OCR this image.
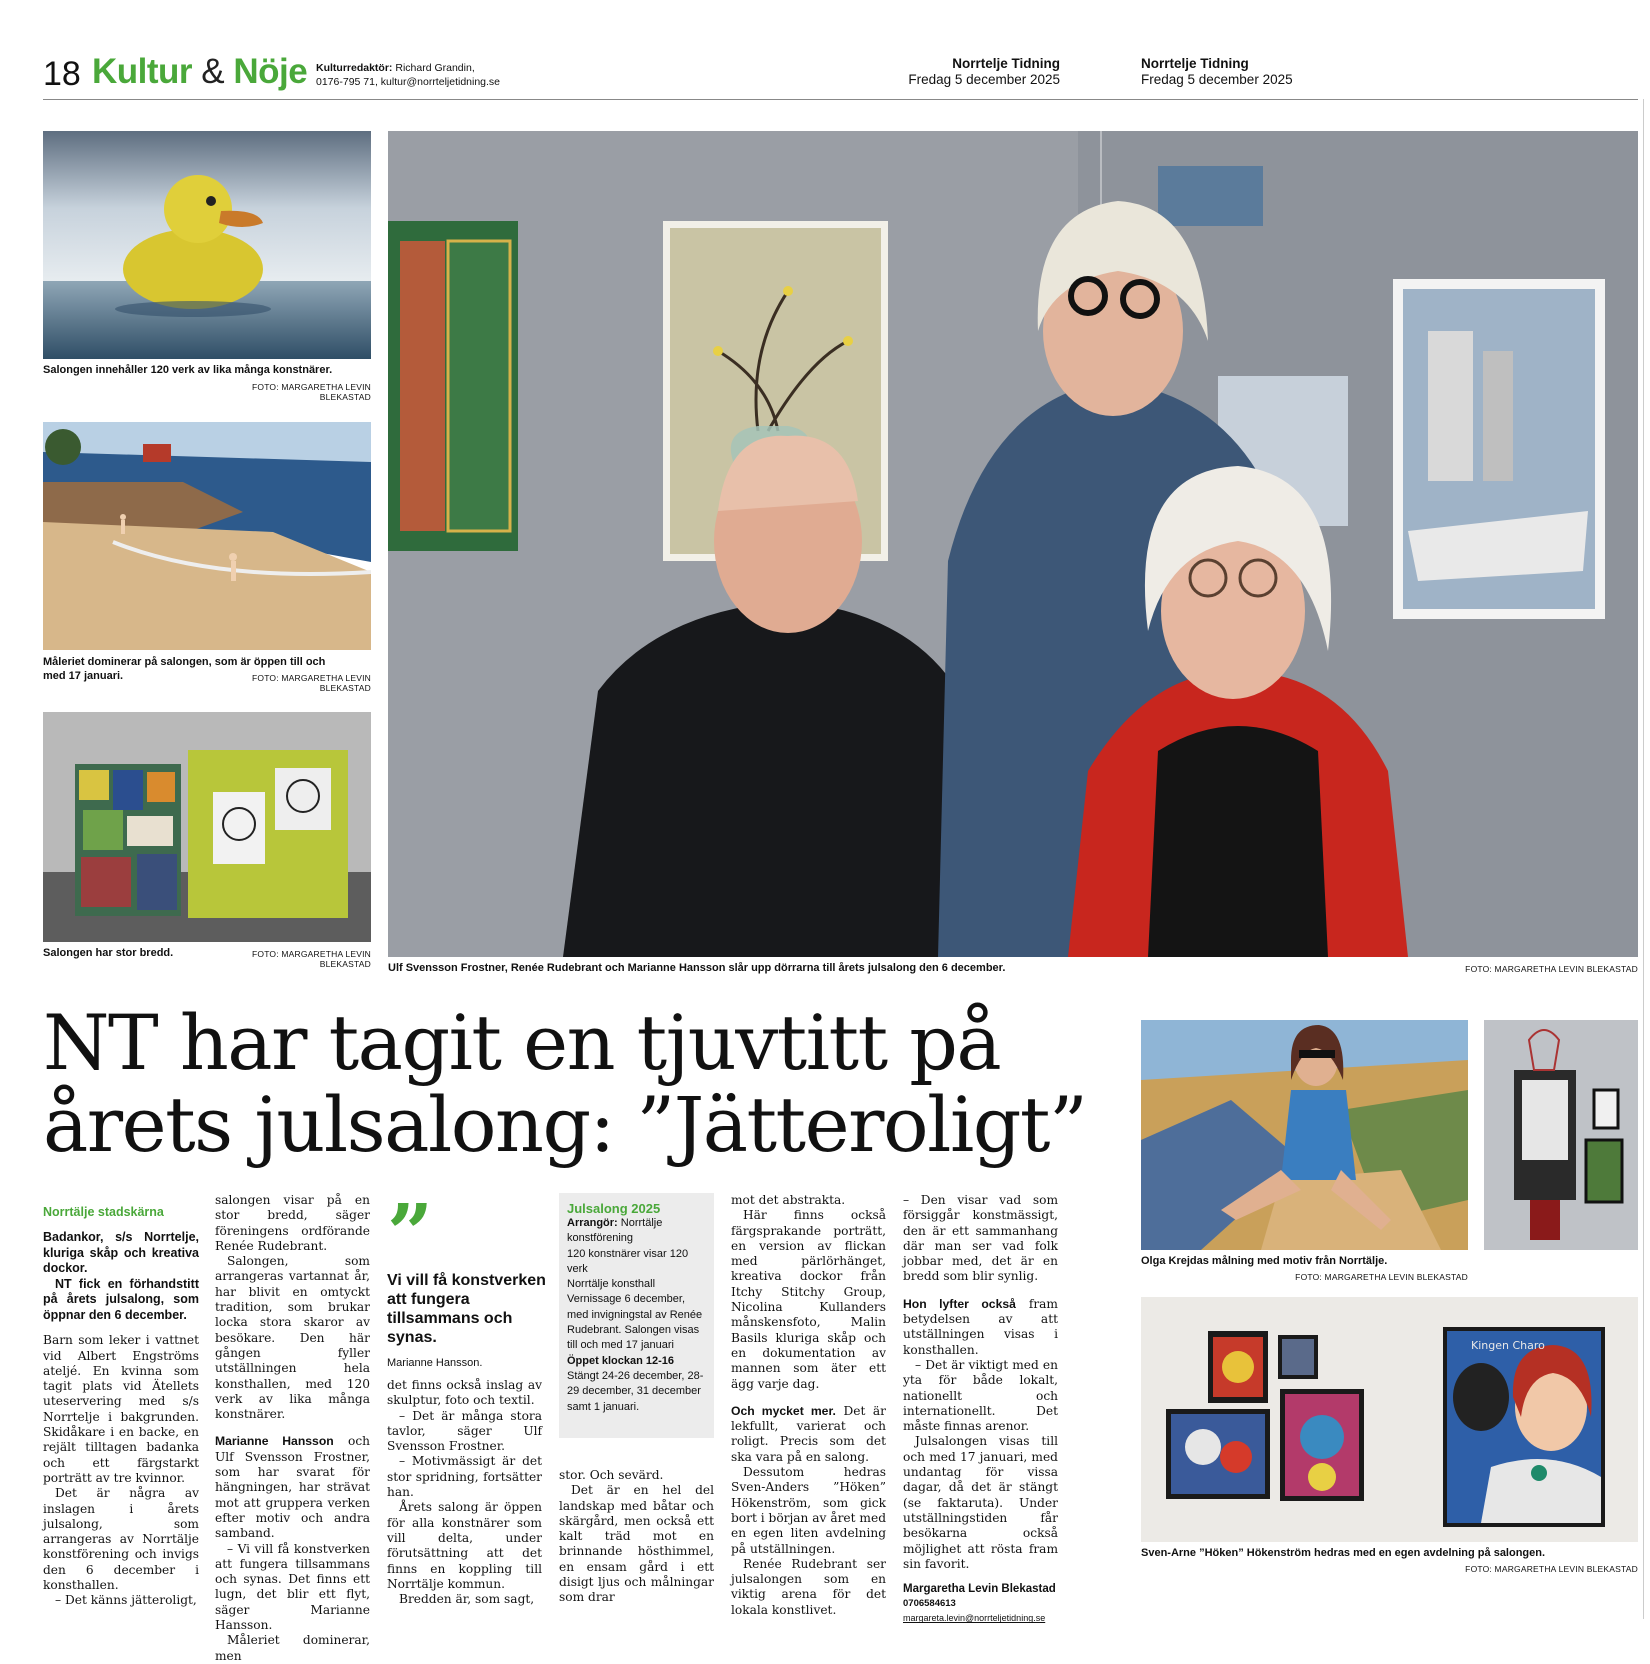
18 Kultur & Nöje Kulturredaktör: Richard Grandin,
0176-795 71, kultur@norrteljetidning.se
Norrtelje Tidning
Fredag 5 december 2025
Norrtelje Tidning
Fredag 5 december 2025
Salongen innehåller 120 verk av lika många konstnärer.
FOTO: MARGARETHA LEVIN BLEKASTAD
Måleriet dominerar på salongen, som är öppen till och med 17 januari.	FOTO: MARGARETHA LEVIN BLEKASTAD
Salongen har stor bredd.	FOTO: MARGARETHA LEVIN BLEKASTAD Ulf Svensson Frostner, Renée Rudebrant och Marianne Hansson slår upp dörrarna till årets julsalong den 6 december.	FOTO: MARGARETHA LEVIN BLEKASTAD
NT har tagit en tjuvtitt på
årets julsalong: ”Jätteroligt”
Norrtälje stadskärna
Badankor, s/s Norrtelje, kluriga skåp och kreativa dockor.
NT fick en förhandstitt på årets julsalong, som öppnar den 6 december.

Barn som leker i vattnet vid Albert Engströms ateljé. En kvinna som tagit plats vid Ätellets uteservering med s/s Norrtelje i bakgrunden. Skidåkare i en backe, en rejält tilltagen badanka och ett färgstarkt porträtt av tre kvinnor.

Det är några av inslagen i årets julsalong, som arrangeras av Norrtälje konstförening och invigs den 6 december i konsthallen.

– Det känns jätteroligt,

salongen visar på en stor bredd, säger föreningens ordförande Renée Rudebrant.

Salongen, som arrangeras vartannat år, har blivit en omtyckt tradition, som brukar locka stora skaror av besökare. Den här gången fyller utställningen hela konsthallen, med 120 verk av lika många konstnärer.

Marianne Hansson och Ulf Svensson Frostner, som har svarat för hängningen, har strävat mot att gruppera verken efter motiv och andra samband.

– Vi vill få konstverken att fungera tillsammans och synas. Det finns ett lugn, det blir ett flyt, säger Marianne Hansson.

Måleriet dominerar, men

”
Vi vill få konstverken att fungera tillsammans och synas.
Marianne Hansson.

det finns också inslag av skulptur, foto och textil.

– Det är många stora tavlor, säger Ulf Svensson Frostner.

– Motivmässigt är det stor spridning, fortsätter han.

Årets salong är öppen för alla konstnärer som vill delta, under förutsättning att det finns en koppling till Norrtälje kommun.

Bredden är, som sagt,

Julsalong 2025
Arrangör: Norrtälje konstförening
120 konstnärer visar 120 verk
Norrtälje konsthall
Vernissage 6 december, med invigningstal av Renée Rudebrant. Salongen visas till och med 17 januari
Öppet klockan 12-16
Stängt 24-26 december, 28-29 december, 31 december samt 1 januari.

stor. Och sevärd.

Det är en hel del landskap med båtar och skärgård, men också ett kalt träd mot en brinnande hösthimmel, en ensam gård i ett disigt ljus och målningar som drar

mot det abstrakta.

Här finns också färgsprakande porträtt, en version av flickan med pärlörhänget, kreativa dockor från Itchy Stitchy Group, Nicolina Kullanders månskensfoto, Malin Basils kluriga skåp och en dokumentation av mannen som äter ett ägg varje dag.

Och mycket mer. Det är lekfullt, varierat och roligt. Precis som det ska vara på en salong.

Dessutom hedras Sven-Anders ”Höken” Hökenström, som gick bort i början av året med en egen liten avdelning på utställningen.

Renée Rudebrant ser julsalongen som en viktig arena för det lokala konstlivet.

– Den visar vad som försiggår konstmässigt, den är ett sammanhang där man ser vad folk jobbar med, det är en bredd som blir synlig.

Hon lyfter också fram betydelsen av att utställningen visas i konsthallen.

– Det är viktigt med en yta för både lokalt, nationellt och internationellt. Det måste finnas arenor.

Julsalongen visas till och med 17 januari, med undantag för vissa dagar, då det är stängt (se faktaruta). Under utställningstiden får besökarna också möjlighet att rösta fram sin favorit.

Margaretha Levin Blekastad
0706584613
margareta.levin@norrteljetidning.se
Olga Krejdas målning med motiv från Norrtälje.
FOTO: MARGARETHA LEVIN BLEKASTAD
Kingen Charo
Sven-Arne ”Höken” Hökenström hedras med en egen avdelning på salongen.
FOTO: MARGARETHA LEVIN BLEKASTAD
